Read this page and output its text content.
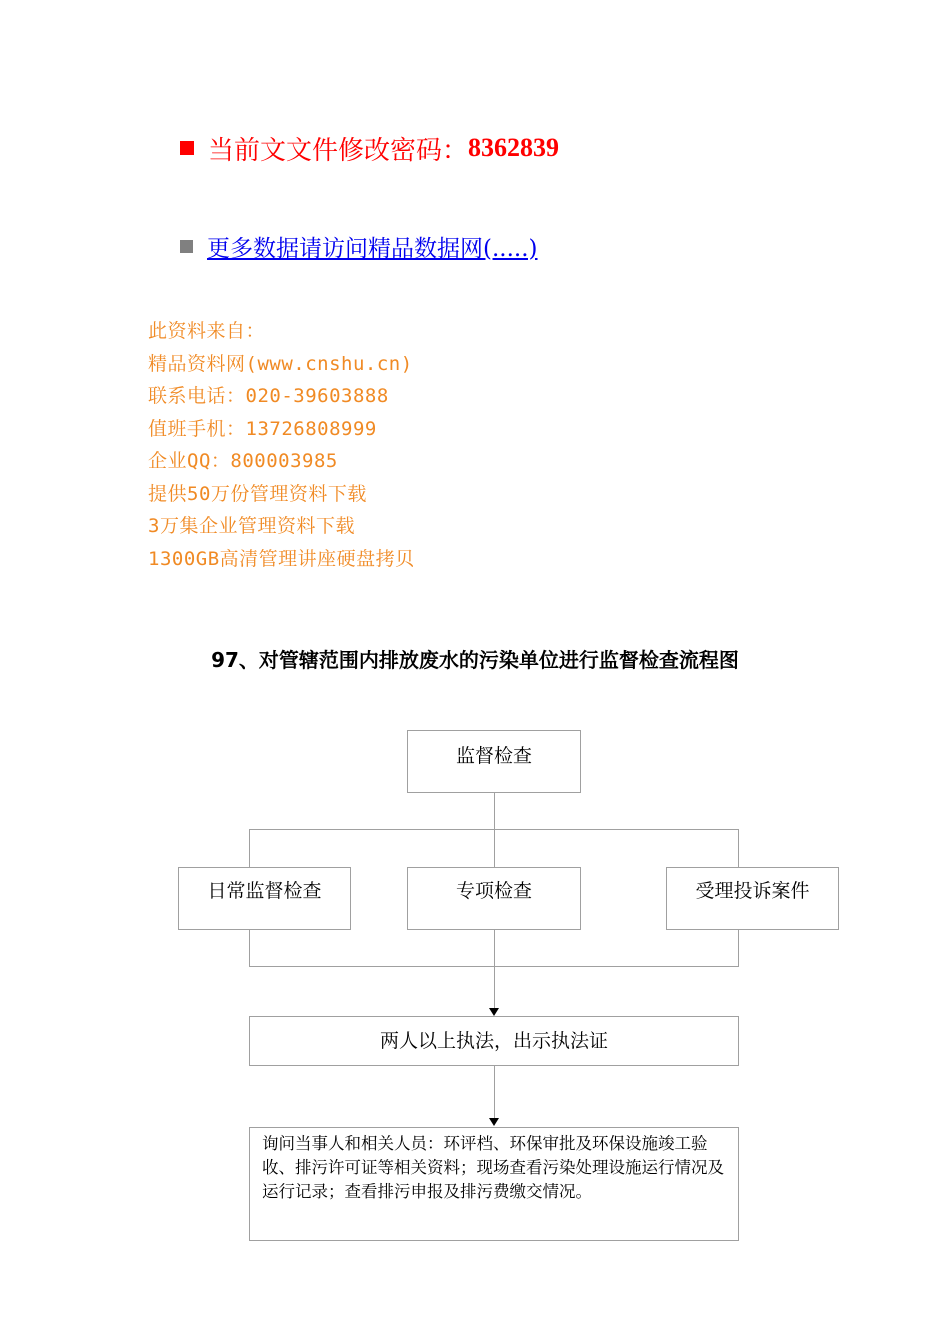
当前文文件修改密码： 8362839
更多数据请访问精品数据网(.....)
此资料来自：
精品资料网(www.cnshu.cn)
联系电话：020-39603888
值班手机：13726808999
企业QQ：800003985
提供50万份管理资料下载
3万集企业管理资料下载
1300GB高清管理讲座硬盘拷贝
97、对管辖范围内排放废水的污染单位进行监督检查流程图
监督检查
日常监督检查	专项检查	受理投诉案件
两人以上执法，出示执法证
询问当事人和相关人员：环评档、环保审批及环保设施竣工验收、排污许可证等相关资料；现场查看污染处理设施运行情况及运行记录；查看排污申报及排污费缴交情况。
